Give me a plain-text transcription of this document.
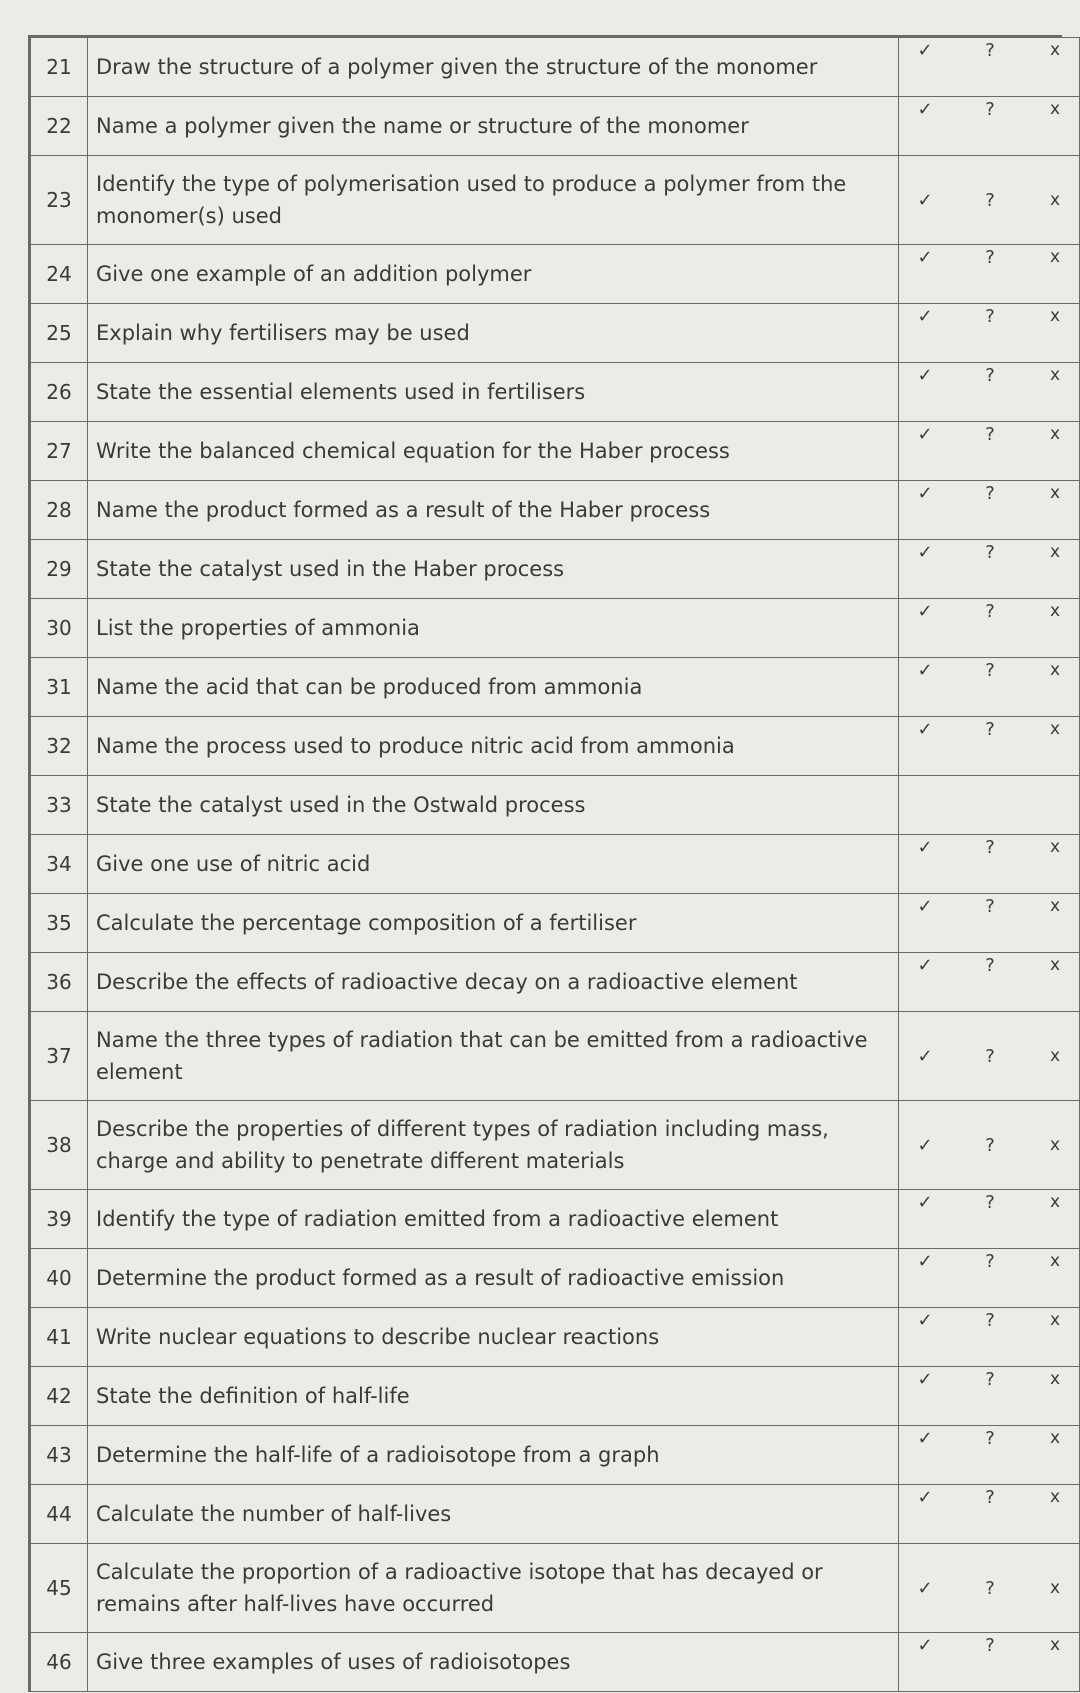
21	Draw the structure of a polymer given the structure of the monomer	✓ ? x

22	Name a polymer given the name or structure of the monomer	✓ ? x

23	Identify the type of polymerisation used to produce a polymer from the monomer(s) used	✓ ? x

24	Give one example of an addition polymer	✓ ? x

25	Explain why fertilisers may be used	✓ ? x

26	State the essential elements used in fertilisers	✓ ? x

27	Write the balanced chemical equation for the Haber process	✓ ? x

28	Name the product formed as a result of the Haber process	✓ ? x

29	State the catalyst used in the Haber process	✓ ? x

30	List the properties of ammonia	✓ ? x

31	Name the acid that can be produced from ammonia	✓ ? x

32	Name the process used to produce nitric acid from ammonia	✓ ? x

33	State the catalyst used in the Ostwald process	

34	Give one use of nitric acid	✓ ? x

35	Calculate the percentage composition of a fertiliser	✓ ? x

36	Describe the effects of radioactive decay on a radioactive element	✓ ? x

37	Name the three types of radiation that can be emitted from a radioactive element	✓ ? x

38	Describe the properties of different types of radiation including mass, charge and ability to penetrate different materials	✓ ? x

39	Identify the type of radiation emitted from a radioactive element	✓ ? x

40	Determine the product formed as a result of radioactive emission	✓ ? x

41	Write nuclear equations to describe nuclear reactions	✓ ? x

42	State the definition of half-life	✓ ? x

43	Determine the half-life of a radioisotope from a graph	✓ ? x

44	Calculate the number of half-lives	✓ ? x

45	Calculate the proportion of a radioactive isotope that has decayed or remains after half-lives have occurred	✓ ? x

46	Give three examples of uses of radioisotopes	✓ ? x
